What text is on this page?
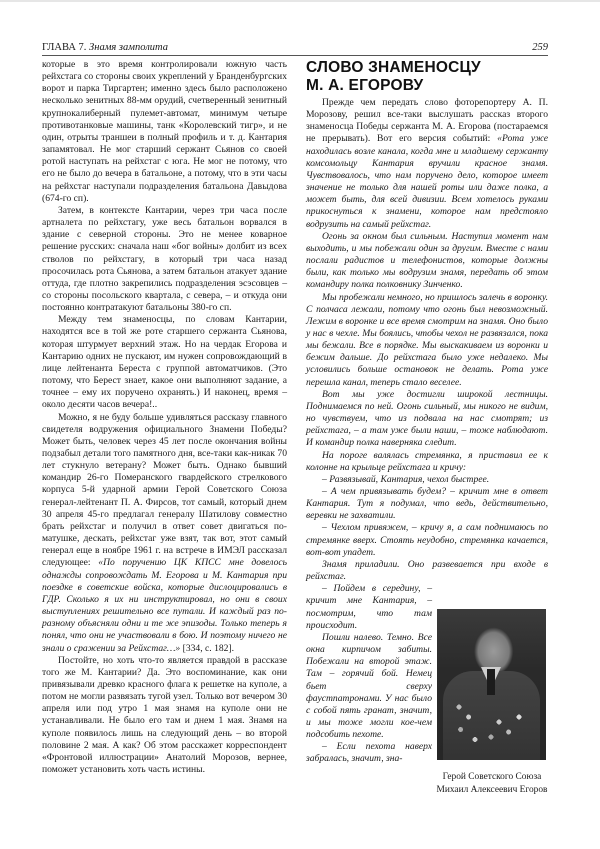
ГЛАВА 7. Знамя замполита	259

которые в это время контролировали южную часть рейхстага со стороны своих укреплений у Бранденбургских ворот и парка Тиргартен; именно здесь было расположено несколько зенитных 88-мм орудий, счетверенный зенитный крупнокалиберный пулемет-автомат, минимум четыре противотанковые машины, танк «Королевский тигр», и не один, отрыты траншеи в полный профиль и т. д. Кантария запамятовал. Не мог старший сержант Сьянов со своей ротой наступать на рейхстаг с юга. Не мог не потому, что его не было до вечера в батальоне, а потому, что в эти часы на рейхстаг наступали подразделения батальона Давыдова (674-го сп).

Затем, в контексте Кантарии, через три часа после артналета по рейхстагу, уже весь батальон ворвался в здание с северной стороны. Это не менее коварное решение русских: сначала наш «бог войны» долбит из всех стволов по рейхстагу, в который три часа назад просочилась рота Сьянова, а затем батальон атакует здание оттуда, где плотно закрепились подразделения эсэсовцев – со стороны посольского квартала, с севера, – и откуда они постоянно контратакуют батальоны 380-го сп.

Между тем знаменосцы, по словам Кантарии, находятся все в той же роте старшего сержанта Сьянова, которая штурмует верхний этаж. Но на чердак Егорова и Кантарию одних не пускают, им нужен сопровождающий в лице лейтенанта Береста с группой автоматчиков. (Это потому, что Берест знает, какое они выполняют задание, а точнее – ему их поручено охранять.) И наконец, время – около десяти часов вечера!..

Можно, я не буду больше удивляться рассказу главного свидетеля водружения официального Знамени Победы? Может быть, человек через 45 лет после окончания войны подзабыл детали того памятного дня, все-таки как-никак 70 лет стукнуло ветерану? Может быть. Однако бывший командир 26-го Померанского гвардейского стрелкового корпуса 5-й ударной армии Герой Советского Союза генерал-лейтенант П. А. Фирсов, тот самый, который днем 30 апреля 45-го предлагал генералу Шатилову совместно брать рейхстаг и получил в ответ совет двигаться по-матушке, дескать, рейхстаг уже взят, так вот, этот самый генерал еще в ноябре 1961 г. на встрече в ИМЭЛ рассказал следующее: «По поручению ЦК КПСС мне довелось однажды сопровождать М. Егорова и М. Кантария при поездке в советские войска, которые дислоцировались в ГДР. Сколько я их ни инструктировал, но они в своих выступлениях решительно все путали. И каждый раз по-разному объясняли одни и те же эпизоды. Только теперь я понял, что они не участвовали в бою. И поэтому ничего не знали о сражении за Рейхстаг…» [334, с. 182].

Постойте, но хоть что-то является правдой в рассказе того же М. Кантарии? Да. Это воспоминание, как они привязывали древко красного флага к решетке на куполе, а потом не могли развязать тугой узел. Только вот вечером 30 апреля или под утро 1 мая знамя на куполе они не устанавливали. Не было его там и днем 1 мая. Знамя на куполе появилось лишь на следующий день – во второй половине 2 мая. А как? Об этом расскажет корреспондент «Фронтовой иллюстрации» Анатолий Морозов, вернее, поможет установить хоть часть истины.

СЛОВО ЗНАМЕНОСЦУ
М. А. ЕГОРОВУ

Прежде чем передать слово фоторепортеру А. П. Морозову, решил все-таки выслушать рассказ второго знаменосца Победы сержанта М. А. Егорова (постараемся не прерывать). Вот его версия событий: «Рота уже находилась возле канала, когда мне и младшему сержанту комсомольцу Кантария вручили красное знамя. Чувствовалось, что нам поручено дело, которое имеет значение не только для нашей роты или даже полка, а может быть, для всей дивизии. Всем хотелось руками прикоснуться к знамени, которое нам предстояло водрузить на самый рейхстаг.

Огонь за окном был сильным. Наступил момент нам выходить, и мы побежали один за другим. Вместе с нами послали радистов и телефонистов, которые должны были, как только мы водрузим знамя, передать об этом командиру полка полковнику Зинченко.

Мы пробежали немного, но пришлось залечь в воронку. С полчаса лежали, потому что огонь был невозможный. Лежим в воронке и все время смотрим на знамя. Оно было у нас в чехле. Мы боялись, чтобы чехол не развязался, пока мы бежали. Все в порядке. Мы выскакиваем из воронки и бежим дальше. До рейхстага было уже недалеко. Мы условились больше остановок не делать. Рота уже перешла канал, теперь стало веселее.

Вот мы уже достигли широкой лестницы. Поднимаемся по ней. Огонь сильный, мы никого не видим, но чувствуем, что из подвала на нас смотрят; из рейхстага, – а там уже были наши, – тоже наблюдают. И командир полка наверняка следит.

На пороге валялась стремянка, я приставил ее к колонне на крыльце рейхстага и кричу:

– Развязывай, Кантария, чехол быстрее.

– А чем привязывать будем? – кричит мне в ответ Кантария. Тут я подумал, что ведь, действительно, веревки не захватили.

– Чехлом привяжем, – кричу я, а сам поднимаюсь по стремянке вверх. Стоять неудобно, стремянка качается, вот-вот упадет.

Знамя приладили. Оно развевается при входе в рейхстаг.

– Пойдем в середину, – кричит мне Кантария, – посмотрим, что там происходит.

Пошли налево. Темно. Все окна кирпичом забиты. Побежали на второй этаж. Там – горячий бой. Немец бьет сверху фаустпатронами. У нас было с собой пять гранат, значит, и мы тоже могли кое-чем подсобить пехоте.

– Если пехота наверх забралась, значит, зна-

Герой Советского Союза
Михаил Алексеевич Егоров
